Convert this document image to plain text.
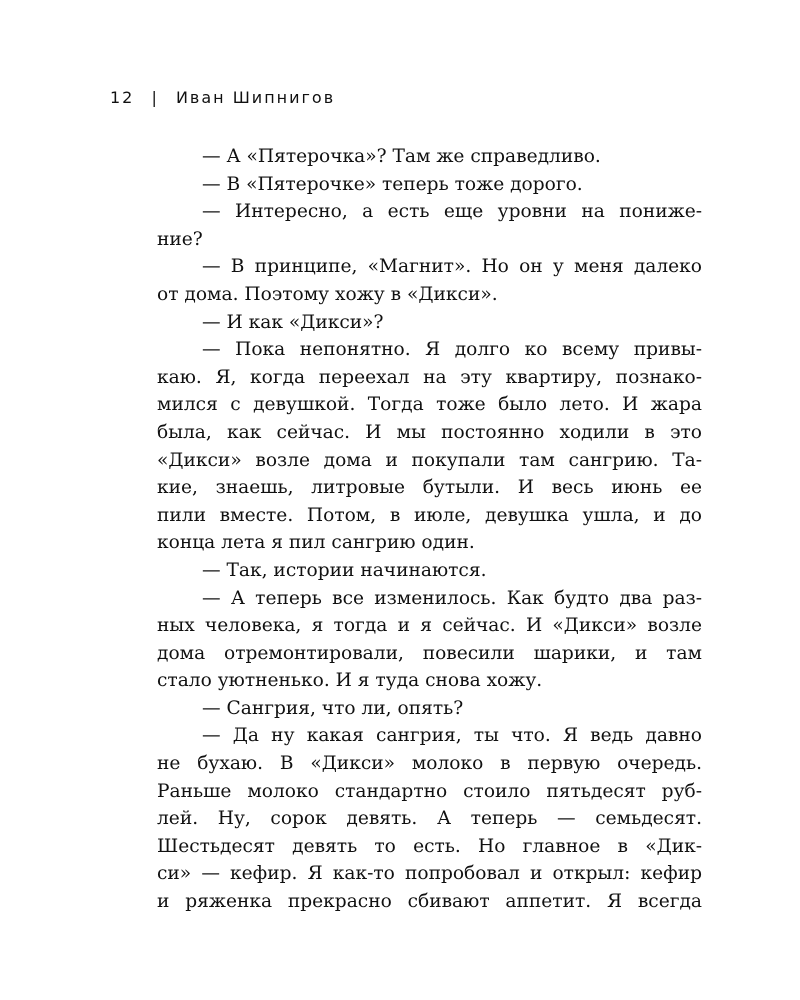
12 | Иван Шипнигов
— А «Пятерочка»? Там же справедливо.
— В «Пятерочке» теперь тоже дорого.
— Интересно, а есть еще уровни на пониже-
ние?
— В принципе, «Магнит». Но он у меня далеко
от дома. Поэтому хожу в «Дикси».
— И как «Дикси»?
— Пока непонятно. Я долго ко всему привы-
каю. Я, когда переехал на эту квартиру, познако-
мился с девушкой. Тогда тоже было лето. И жара
была, как сейчас. И мы постоянно ходили в это
«Дикси» возле дома и покупали там сангрию. Та-
кие, знаешь, литровые бутыли. И весь июнь ее
пили вместе. Потом, в июле, девушка ушла, и до
конца лета я пил сангрию один.
— Так, истории начинаются.
— А теперь все изменилось. Как будто два раз-
ных человека, я тогда и я сейчас. И «Дикси» возле
дома отремонтировали, повесили шарики, и там
стало уютненько. И я туда снова хожу.
— Сангрия, что ли, опять?
— Да ну какая сангрия, ты что. Я ведь давно
не бухаю. В «Дикси» молоко в первую очередь.
Раньше молоко стандартно стоило пятьдесят руб-
лей. Ну, сорок девять. А теперь — семьдесят.
Шестьдесят девять то есть. Но главное в «Дик-
си» — кефир. Я как-то попробовал и открыл: кефир
и ряженка прекрасно сбивают аппетит. Я всегда
